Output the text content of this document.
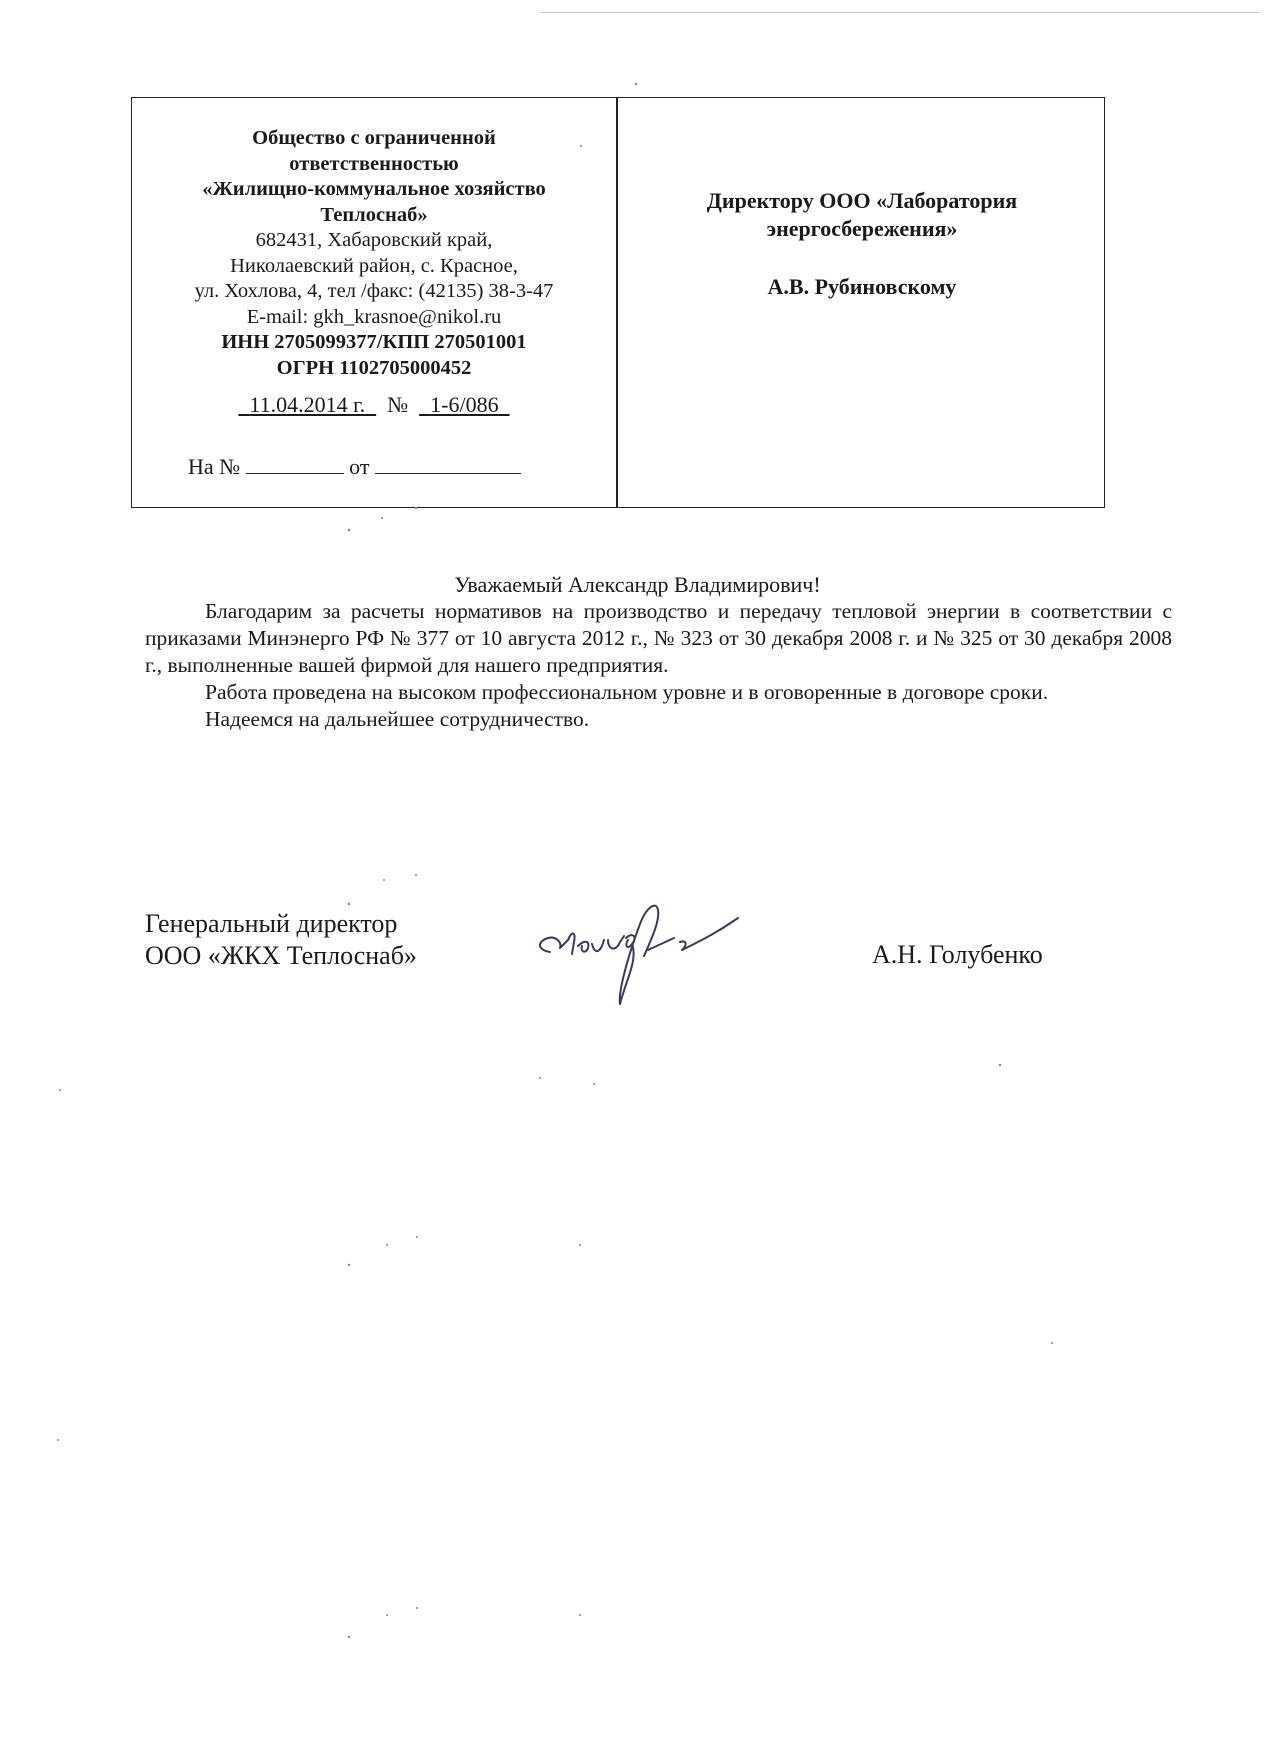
Общество с ограниченной
ответственностью
«Жилищно-коммунальное хозяйство
Теплоснаб»
682431, Хабаровский край,
Николаевский район, с. Красное,
ул. Хохлова, 4, тел /факс: (42135) 38-3-47
E-mail: gkh_krasnoe@nikol.ru
ИНН 2705099377/КПП 270501001
ОГРН 1102705000452
11.04.2014 г. № 1-6/086
На №	от
Директору ООО «Лаборатория
энергосбережения»
А.В. Рубиновскому
Уважаемый Александр Владимирович!

Благодарим за расчеты нормативов на производство и передачу тепловой энергии в соответствии с приказами Минэнерго РФ № 377 от 10 августа 2012 г., № 323 от 30 декабря 2008 г. и № 325 от 30 декабря 2008 г., выполненные вашей фирмой для нашего предприятия.

Работа проведена на высоком профессиональном уровне и в оговоренные в договоре сроки.

Надеемся на дальнейшее сотрудничество.

Генеральный директор
ООО «ЖКХ Теплоснаб»	А.Н. Голубенко
